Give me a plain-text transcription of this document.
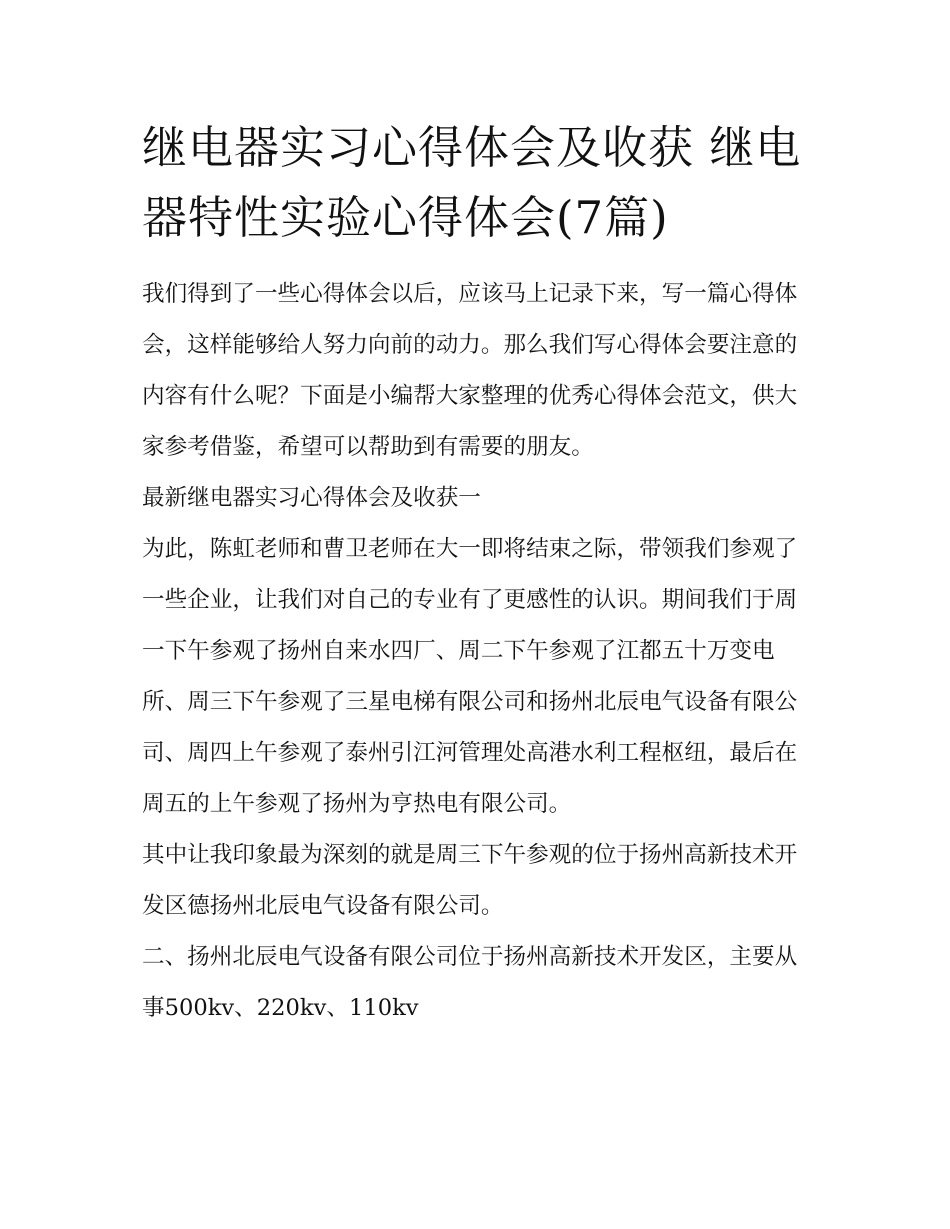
继电器实习心得体会及收获 继电器特性实验心得体会(7篇)

我们得到了一些心得体会以后，应该马上记录下来，写一篇心得体会，这样能够给人努力向前的动力。那么我们写心得体会要注意的内容有什么呢？下面是小编帮大家整理的优秀心得体会范文，供大家参考借鉴，希望可以帮助到有需要的朋友。

最新继电器实习心得体会及收获一

为此，陈虹老师和曹卫老师在大一即将结束之际，带领我们参观了一些企业，让我们对自己的专业有了更感性的认识。期间我们于周一下午参观了扬州自来水四厂、周二下午参观了江都五十万变电所、周三下午参观了三星电梯有限公司和扬州北辰电气设备有限公司、周四上午参观了泰州引江河管理处高港水利工程枢纽，最后在周五的上午参观了扬州为亨热电有限公司。

其中让我印象最为深刻的就是周三下午参观的位于扬州高新技术开发区德扬州北辰电气设备有限公司。

二、扬州北辰电气设备有限公司位于扬州高新技术开发区，主要从事500kv、220kv、110kv
